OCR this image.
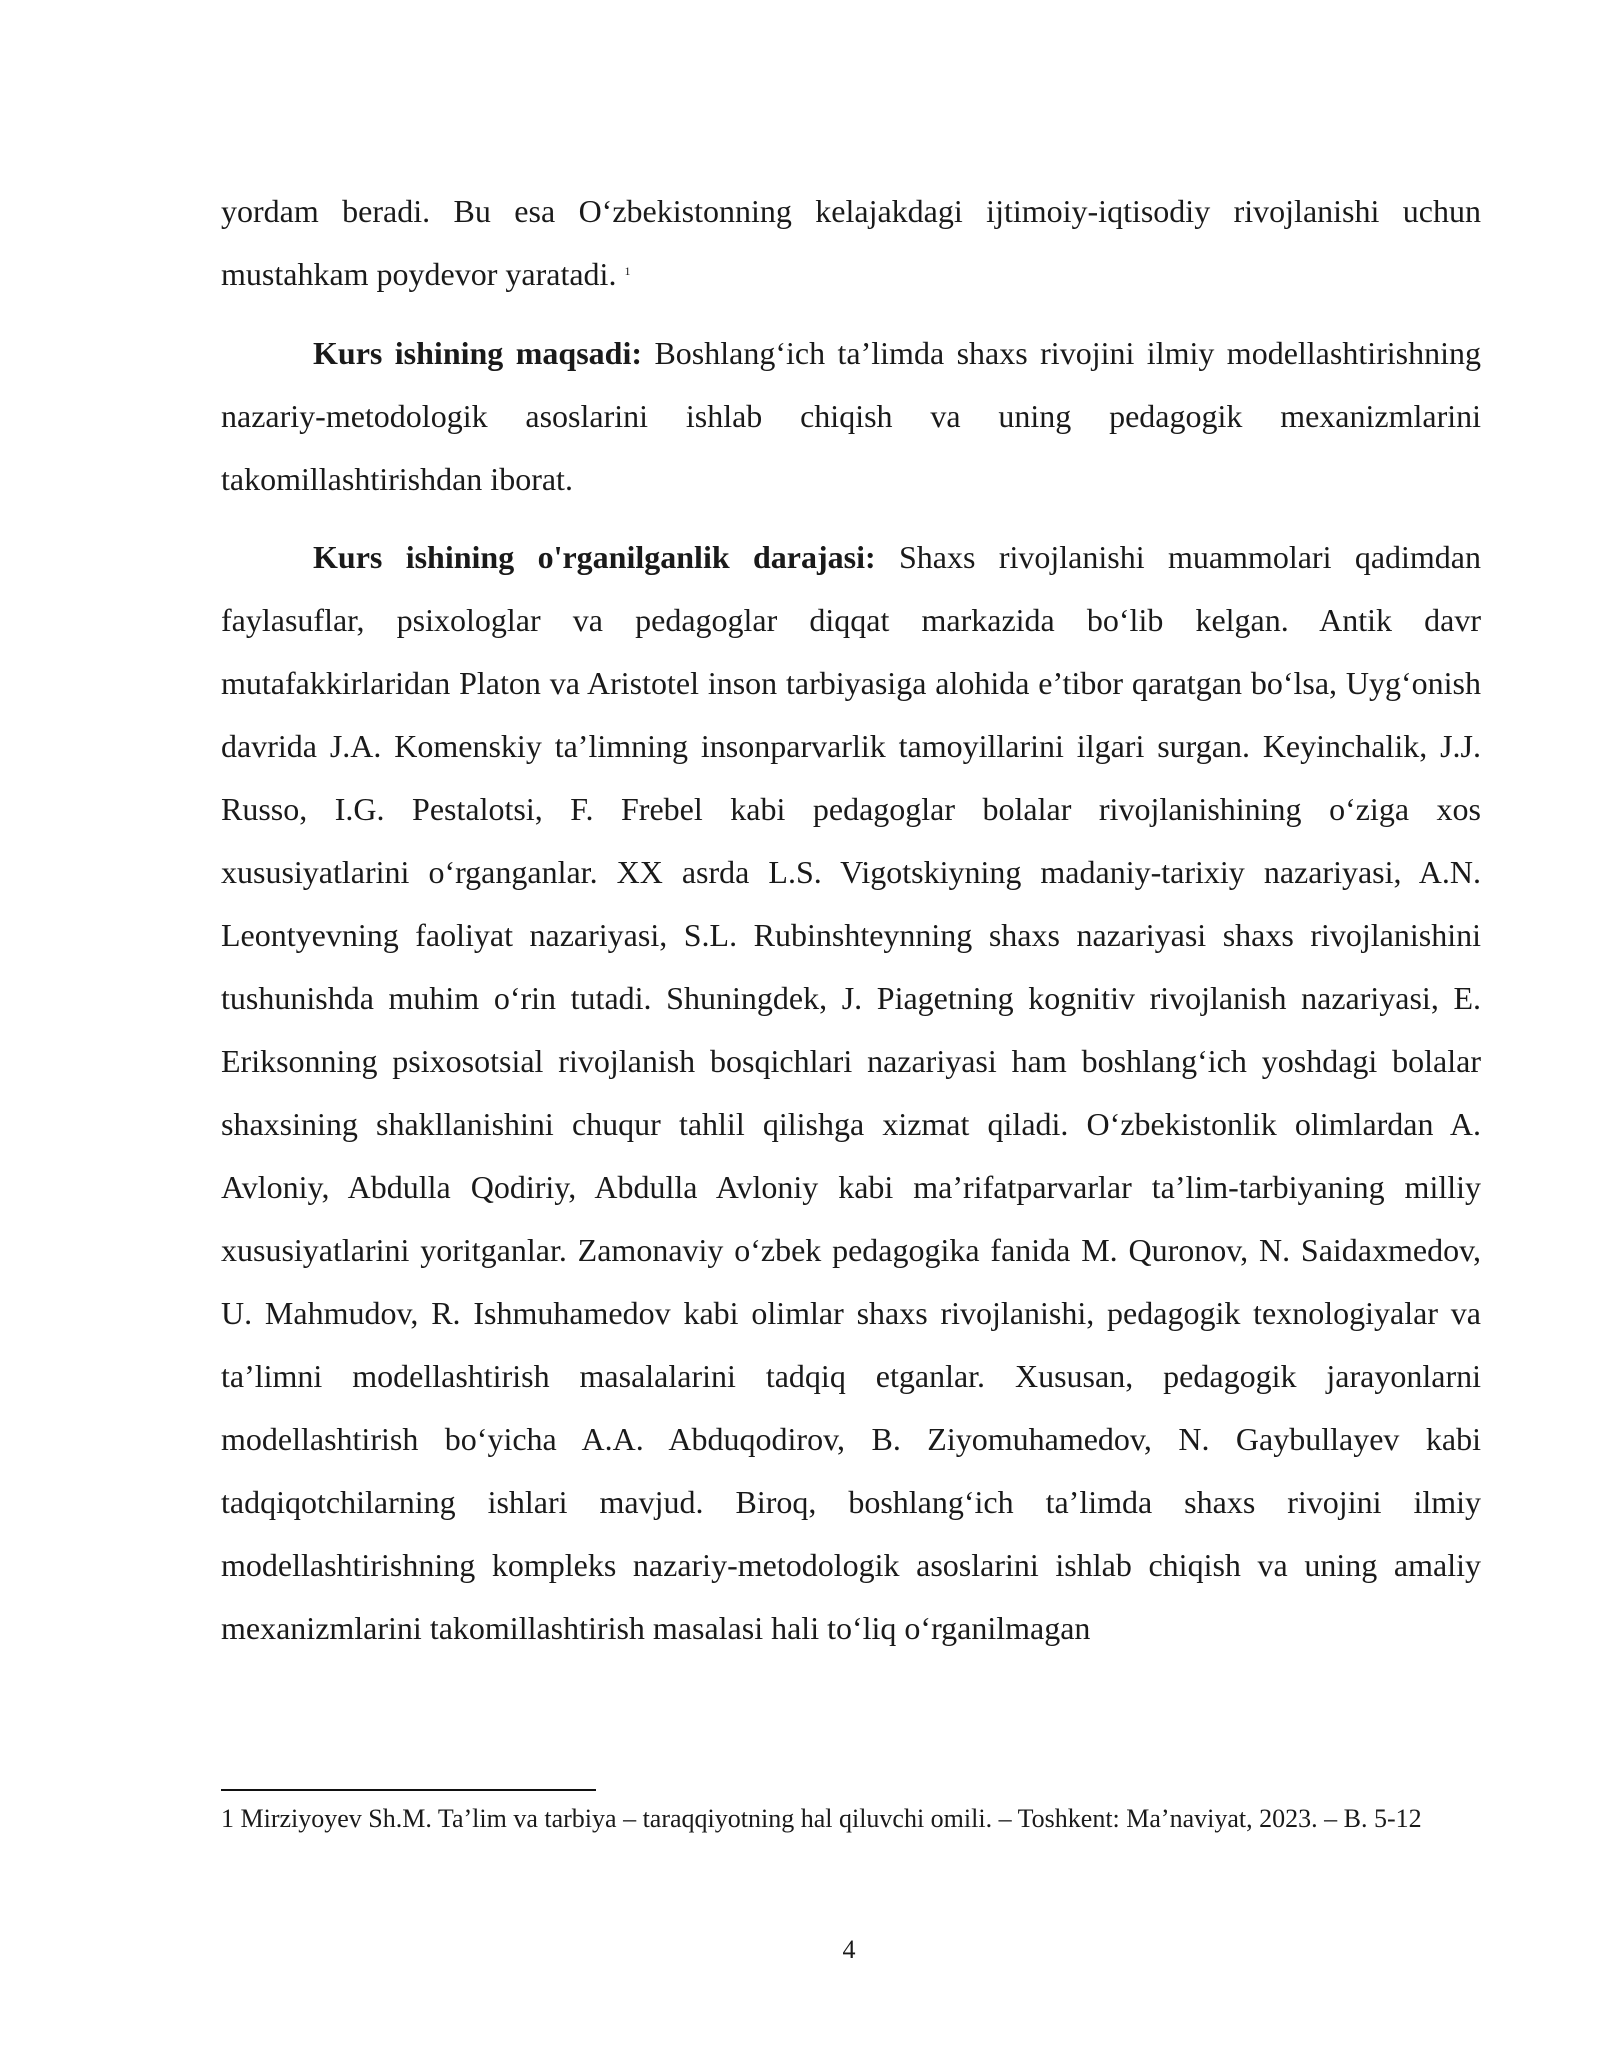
yordam beradi. Bu esa O‘zbekistonning kelajakdagi ijtimoiy-iqtisodiy rivojlanishi uchun mustahkam poydevor yaratadi. $^1$

Kurs ishining maqsadi: Boshlang‘ich ta’limda shaxs rivojini ilmiy modellashtirishning nazariy-metodologik asoslarini ishlab chiqish va uning pedagogik mexanizmlarini takomillashtirishdan iborat.

Kurs ishining o'rganilganlik darajasi: Shaxs rivojlanishi muammolari qadimdan faylasuflar, psixologlar va pedagoglar diqqat markazida bo‘lib kelgan. Antik davr mutafakkirlaridan Platon va Aristotel inson tarbiyasiga alohida e’tibor qaratgan bo‘lsa, Uyg‘onish davrida J.A. Komenskiy ta’limning insonparvarlik tamoyillarini ilgari surgan. Keyinchalik, J.J. Russo, I.G. Pestalotsi, F. Frebel kabi pedagoglar bolalar rivojlanishining o‘ziga xos xususiyatlarini o‘rganganlar. XX asrda L.S. Vigotskiyning madaniy-tarixiy nazariyasi, A.N. Leontyevning faoliyat nazariyasi, S.L. Rubinshteynning shaxs nazariyasi shaxs rivojlanishini tushunishda muhim o‘rin tutadi. Shuningdek, J. Piagetning kognitiv rivojlanish nazariyasi, E. Eriksonning psixosotsial rivojlanish bosqichlari nazariyasi ham boshlang‘ich yoshdagi bolalar shaxsining shakllanishini chuqur tahlil qilishga xizmat qiladi. O‘zbekistonlik olimlardan A. Avloniy, Abdulla Qodiriy, Abdulla Avloniy kabi ma’rifatparvarlar ta’lim-tarbiyaning milliy xususiyatlarini yoritganlar. Zamonaviy o‘zbek pedagogika fanida M. Quronov, N. Saidaxmedov, U. Mahmudov, R. Ishmuhamedov kabi olimlar shaxs rivojlanishi, pedagogik texnologiyalar va ta’limni modellashtirish masalalarini tadqiq etganlar. Xususan, pedagogik jarayonlarni modellashtirish bo‘yicha A.A. Abduqodirov, B. Ziyomuhamedov, N. Gaybullayev kabi tadqiqotchilarning ishlari mavjud. Biroq, boshlang‘ich ta’limda shaxs rivojini ilmiy modellashtirishning kompleks nazariy-metodologik asoslarini ishlab chiqish va uning amaliy mexanizmlarini takomillashtirish masalasi hali to‘liq o‘rganilmagan

1 Mirziyoyev Sh.M. Ta’lim va tarbiya – taraqqiyotning hal qiluvchi omili. – Toshkent: Ma’naviyat, 2023. – B. 5-12
4
